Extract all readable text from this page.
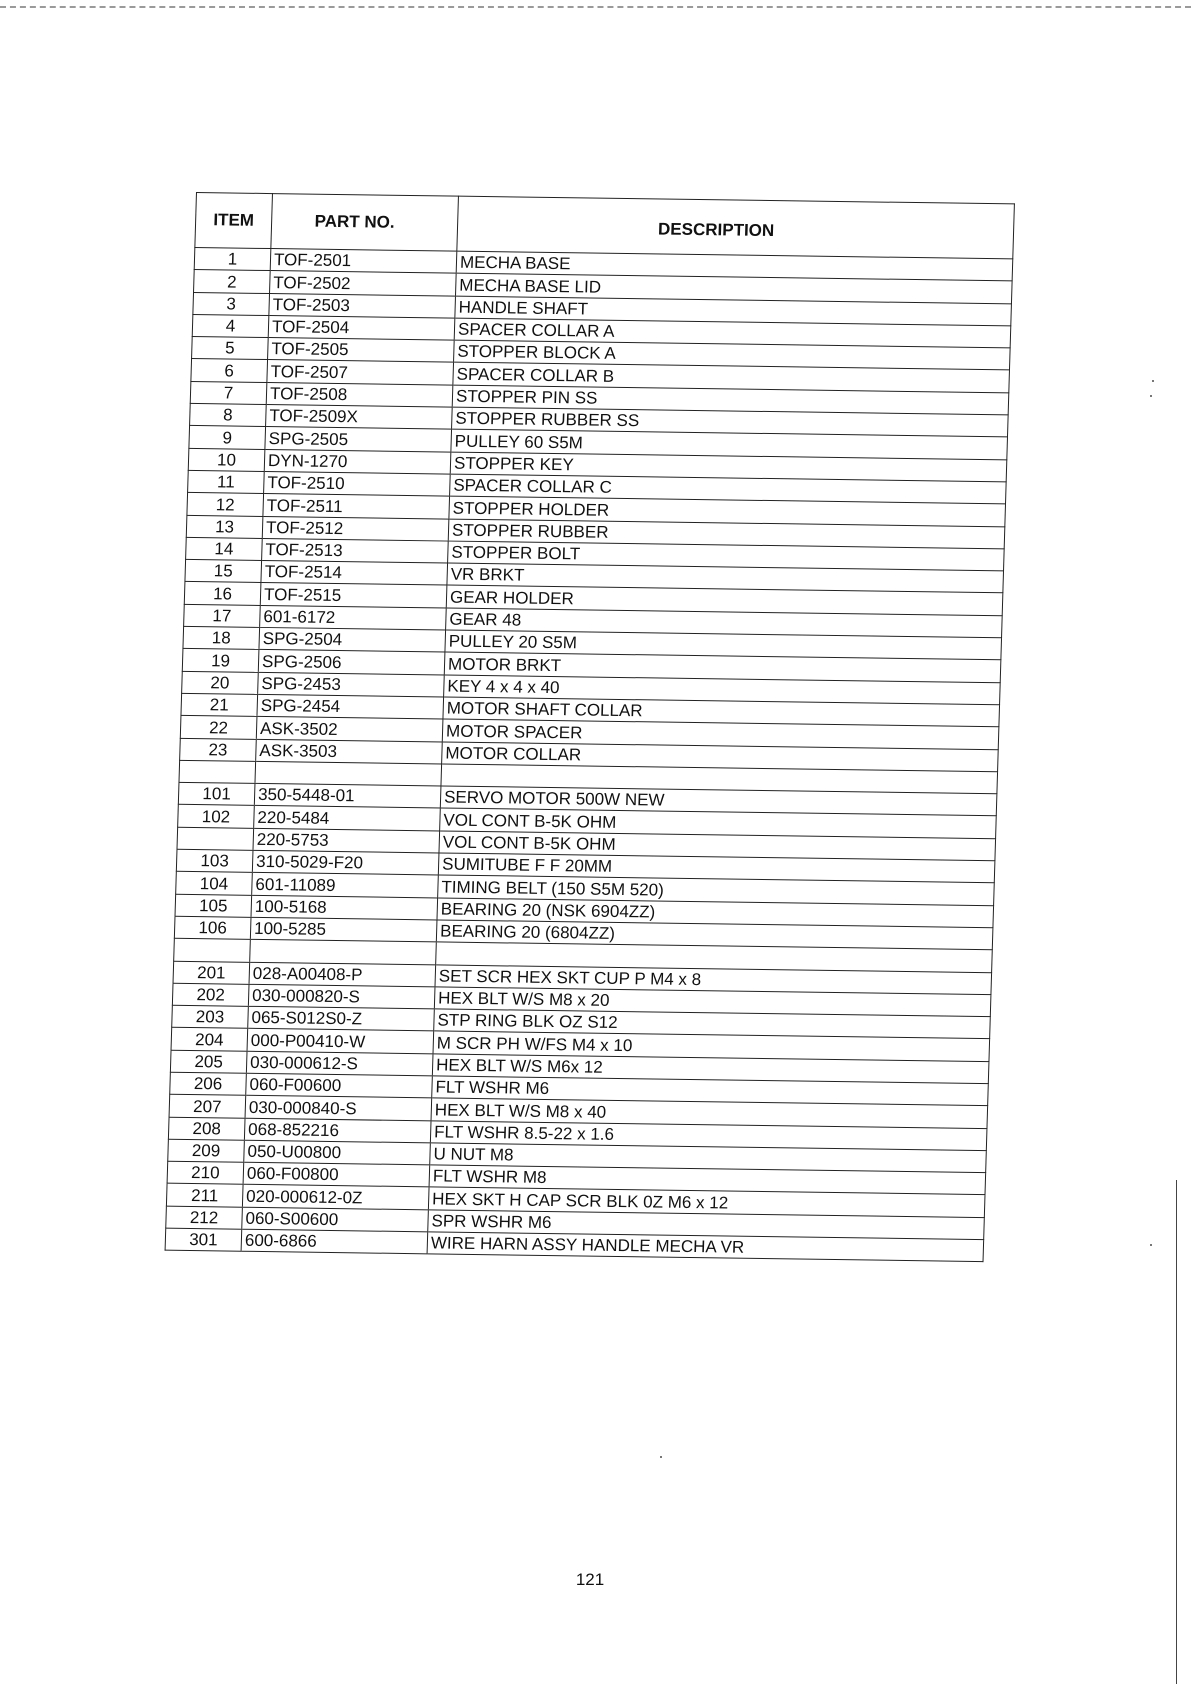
ITEM	PART NO.	DESCRIPTION
1	TOF-2501	MECHA BASE
2	TOF-2502	MECHA BASE LID
3	TOF-2503	HANDLE SHAFT
4	TOF-2504	SPACER COLLAR A
5	TOF-2505	STOPPER BLOCK A
6	TOF-2507	SPACER COLLAR B
7	TOF-2508	STOPPER PIN SS
8	TOF-2509X	STOPPER RUBBER SS
9	SPG-2505	PULLEY 60 S5M
10	DYN-1270	STOPPER KEY
11	TOF-2510	SPACER COLLAR C
12	TOF-2511	STOPPER HOLDER
13	TOF-2512	STOPPER RUBBER
14	TOF-2513	STOPPER BOLT
15	TOF-2514	VR BRKT
16	TOF-2515	GEAR HOLDER
17	601-6172	GEAR 48
18	SPG-2504	PULLEY 20 S5M
19	SPG-2506	MOTOR BRKT
20	SPG-2453	KEY 4 x 4 x 40
21	SPG-2454	MOTOR SHAFT COLLAR
22	ASK-3502	MOTOR SPACER
23	ASK-3503	MOTOR COLLAR

101	350-5448-01	SERVO MOTOR 500W NEW
102	220-5484	VOL CONT B-5K OHM
	220-5753	VOL CONT B-5K OHM
103	310-5029-F20	SUMITUBE F F 20MM
104	601-11089	TIMING BELT (150 S5M 520)
105	100-5168	BEARING 20 (NSK 6904ZZ)
106	100-5285	BEARING 20 (6804ZZ)

201	028-A00408-P	SET SCR HEX SKT CUP P M4 x 8
202	030-000820-S	HEX BLT W/S M8 x 20
203	065-S012S0-Z	STP RING BLK OZ S12
204	000-P00410-W	M SCR PH W/FS M4 x 10
205	030-000612-S	HEX BLT W/S M6x 12
206	060-F00600	FLT WSHR M6
207	030-000840-S	HEX BLT W/S M8 x 40
208	068-852216	FLT WSHR 8.5-22 x 1.6
209	050-U00800	U NUT M8
210	060-F00800	FLT WSHR M8
211	020-000612-0Z	HEX SKT H CAP SCR BLK 0Z M6 x 12
212	060-S00600	SPR WSHR M6
301	600-6866	WIRE HARN ASSY HANDLE MECHA VR
121
